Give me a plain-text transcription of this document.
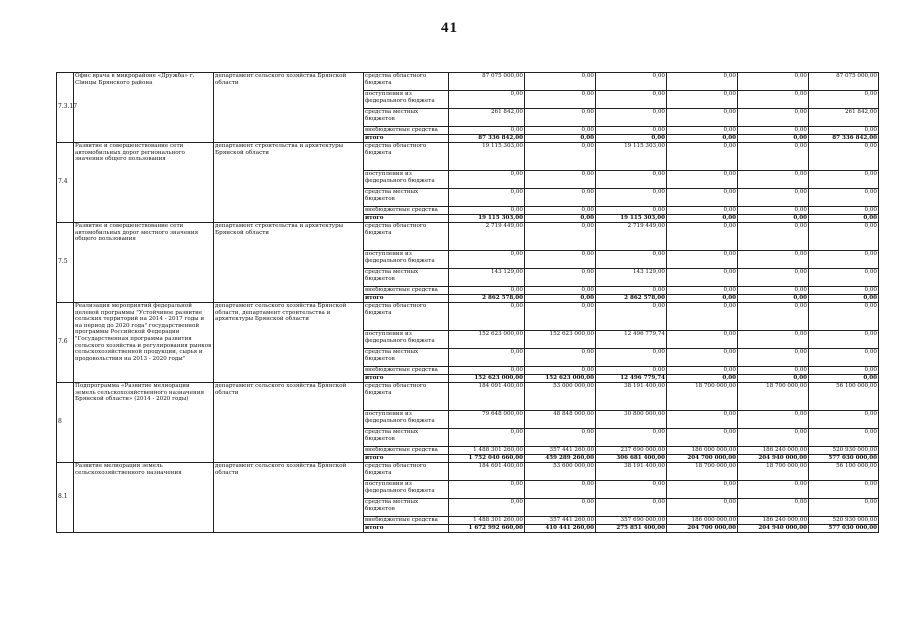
41
7.3.17	Офис врача в микрорайоне «Дружба» г. Clинцы Брянского района	департамент сельского хозяйства Брянской области	средства областного бюджета	87 075 000,00	0,00	0,00	0,00	0,00	87 075 000,00
			поступления из федерального бюджета	0,00	0,00	0,00	0,00	0,00	0,00
			средства местных бюджетов	261 842,00	0,00	0,00	0,00	0,00	261 842,00
			внебюджетные средства	0,00	0,00	0,00	0,00	0,00	0,00
			итого	87 336 842,00	0,00	0,00	0,00	0,00	87 336 842,00
7.4	Развитие и совершенствование сети автомобильных дорог регионального значения общего пользования	департамент строительства и архитектуры Брянской области	средства областного бюджета	19 115 303,00	0,00	19 115 303,00	0,00	0,00	0,00
			поступления из федерального бюджета	0,00	0,00	0,00	0,00	0,00	0,00
			средства местных бюджетов	0,00	0,00	0,00	0,00	0,00	0,00
			внебюджетные средства	0,00	0,00	0,00	0,00	0,00	0,00
			итого	19 115 303,00	0,00	19 115 303,00	0,00	0,00	0,00
7.5	Развитие и совершенствование сети автомобильных дорог местного значения общего пользования	департамент строительства и архитектуры Брянской области	средства областного бюджета	2 719 449,00	0,00	2 719 449,00	0,00	0,00	0,00
			поступления из федерального бюджета	0,00	0,00	0,00	0,00	0,00	0,00
			средства местных бюджетов	143 129,00	0,00	143 129,00	0,00	0,00	0,00
			внебюджетные средства	0,00	0,00	0,00	0,00	0,00	0,00
			итого	2 862 578,00	0,00	2 862 578,00	0,00	0,00	0,00
7.6	Реализация мероприятий федеральной целевой программы "Устойчивое развитие сельских территорий на 2014 - 2017 годы и на период до 2020 года" государственной программы Российской Федерации "Государственная программа развития сельского хозяйства и регулирования рынков сельскохозяйственной продукции, сырья и продовольствия на 2013 - 2020 годы"	департамент сельского хозяйства Брянской области, департамент строительства и архитектуры Брянской области	средства областного бюджета	0,00	0,00	0,00	0,00	0,00	0,00
			поступления из федерального бюджета	152 623 000,00	152 623 000,00	12 496 779,74	0,00	0,00	0,00
			средства местных бюджетов	0,00	0,00	0,00	0,00	0,00	0,00
			внебюджетные средства	0,00	0,00	0,00	0,00	0,00	0,00
			итого	152 623 000,00	152 623 000,00	12 496 779,74	0,00	0,00	0,00
8	Подпрограмма «Развитие мелиорации земель сельскохозяйственного назначения Брянской области» (2014 - 2020 годы)	департамент сельского хозяйства Брянской области	средства областного бюджета	184 091 400,00	53 000 000,00	38 191 400,00	18 700 000,00	18 700 000,00	56 100 000,00
			поступления из федерального бюджета	79 648 000,00	48 848 000,00	30 800 000,00	0,00	0,00	0,00
			средства местных бюджетов	0,00	0,00	0,00	0,00	0,00	0,00
			внебюджетные средства	1 488 301 260,00	357 441 260,00	237 690 000,00	186 000 000,00	186 240 000,00	520 930 000,00
			итого	1 752 040 660,00	459 289 260,00	306 681 400,00	204 700 000,00	204 940 000,00	577 030 000,00
8.1	Развитие мелиорации земель сельскохозяйственного назначения	департамент сельского хозяйства Брянской области	средства областного бюджета	184 691 400,00	53 600 000,00	38 191 400,00	18 700 000,00	18 700 000,00	56 100 000,00
			поступления из федерального бюджета	0,00	0,00	0,00	0,00	0,00	0,00
			средства местных бюджетов	0,00	0,00	0,00	0,00	0,00	0,00
			внебюджетные средства	1 488 301 260,00	357 441 260,00	357 690 000,00	186 000 000,00	186 240 000,00	520 930 000,00
			итого	1 672 992 660,00	410 441 260,00	275 851 400,00	204 700 000,00	204 940 000,00	577 030 000,00
